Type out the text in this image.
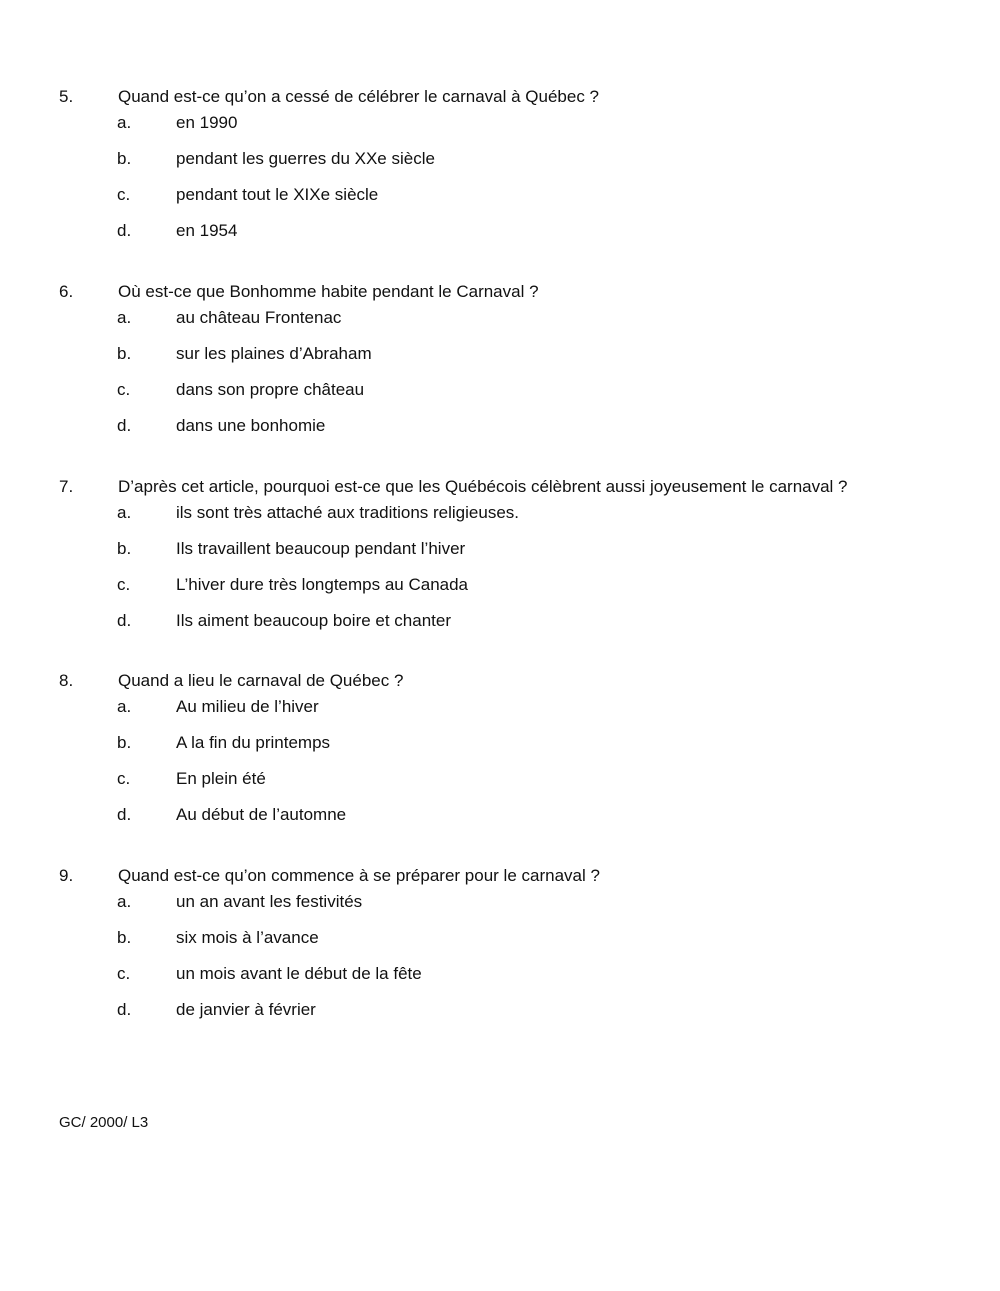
5.	Quand est-ce qu’on a cessé de célébrer le carnaval à Québec ?
a.	en 1990
b.	pendant les guerres du XXe siècle
c.	pendant tout le XIXe siècle
d.	en 1954
6.	Où est-ce que Bonhomme habite pendant le Carnaval ?
a.	au château Frontenac
b.	sur les plaines d’Abraham
c.	dans son propre château
d.	dans une bonhomie
7.	D’après cet article, pourquoi est-ce que les Québécois célèbrent aussi joyeusement le carnaval ?
a.	ils sont très attaché aux traditions religieuses.
b.	Ils travaillent beaucoup pendant l’hiver
c.	L’hiver dure très longtemps au Canada
d.	Ils aiment beaucoup boire et chanter
8.	Quand a lieu le carnaval de Québec ?
a.	Au milieu de l’hiver
b.	A la fin du printemps
c.	En plein été
d.	Au début de l’automne
9.	Quand est-ce qu’on commence à se préparer pour le carnaval ?
a.	un an avant les festivités
b.	six mois à l’avance
c.	un mois avant le début de la fête
d.	de janvier à février
GC/ 2000/ L3
